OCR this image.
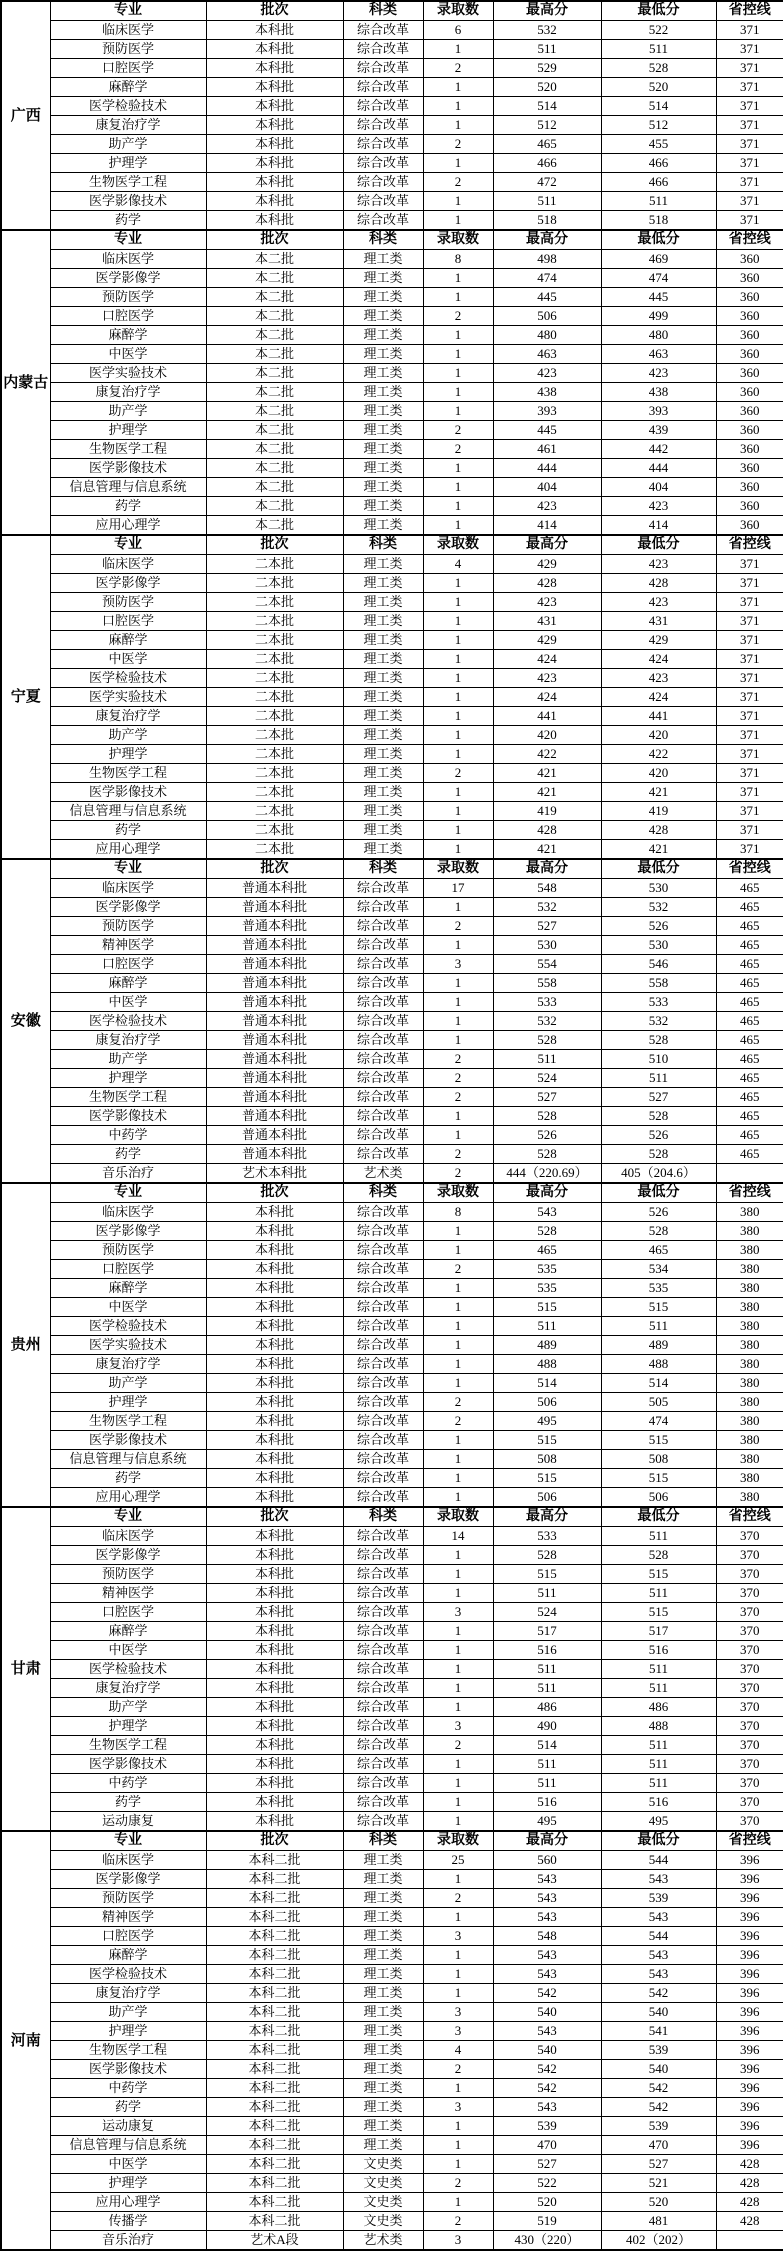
广西	专业	批次	科类	录取数	最高分	最低分	省控线
	临床医学	本科批	综合改革	6	532	522	371
	预防医学	本科批	综合改革	1	511	511	371
	口腔医学	本科批	综合改革	2	529	528	371
	麻醉学	本科批	综合改革	1	520	520	371
	医学检验技术	本科批	综合改革	1	514	514	371
	康复治疗学	本科批	综合改革	1	512	512	371
	助产学	本科批	综合改革	2	465	455	371
	护理学	本科批	综合改革	1	466	466	371
	生物医学工程	本科批	综合改革	2	472	466	371
	医学影像技术	本科批	综合改革	1	511	511	371
	药学	本科批	综合改革	1	518	518	371
内蒙古	专业	批次	科类	录取数	最高分	最低分	省控线
	临床医学	本二批	理工类	8	498	469	360
	医学影像学	本二批	理工类	1	474	474	360
	预防医学	本二批	理工类	1	445	445	360
	口腔医学	本二批	理工类	2	506	499	360
	麻醉学	本二批	理工类	1	480	480	360
	中医学	本二批	理工类	1	463	463	360
	医学实验技术	本二批	理工类	1	423	423	360
	康复治疗学	本二批	理工类	1	438	438	360
	助产学	本二批	理工类	1	393	393	360
	护理学	本二批	理工类	2	445	439	360
	生物医学工程	本二批	理工类	2	461	442	360
	医学影像技术	本二批	理工类	1	444	444	360
	信息管理与信息系统	本二批	理工类	1	404	404	360
	药学	本二批	理工类	1	423	423	360
	应用心理学	本二批	理工类	1	414	414	360
宁夏	专业	批次	科类	录取数	最高分	最低分	省控线
	临床医学	二本批	理工类	4	429	423	371
	医学影像学	二本批	理工类	1	428	428	371
	预防医学	二本批	理工类	1	423	423	371
	口腔医学	二本批	理工类	1	431	431	371
	麻醉学	二本批	理工类	1	429	429	371
	中医学	二本批	理工类	1	424	424	371
	医学检验技术	二本批	理工类	1	423	423	371
	医学实验技术	二本批	理工类	1	424	424	371
	康复治疗学	二本批	理工类	1	441	441	371
	助产学	二本批	理工类	1	420	420	371
	护理学	二本批	理工类	1	422	422	371
	生物医学工程	二本批	理工类	2	421	420	371
	医学影像技术	二本批	理工类	1	421	421	371
	信息管理与信息系统	二本批	理工类	1	419	419	371
	药学	二本批	理工类	1	428	428	371
	应用心理学	二本批	理工类	1	421	421	371
安徽	专业	批次	科类	录取数	最高分	最低分	省控线
	临床医学	普通本科批	综合改革	17	548	530	465
	医学影像学	普通本科批	综合改革	1	532	532	465
	预防医学	普通本科批	综合改革	2	527	526	465
	精神医学	普通本科批	综合改革	1	530	530	465
	口腔医学	普通本科批	综合改革	3	554	546	465
	麻醉学	普通本科批	综合改革	1	558	558	465
	中医学	普通本科批	综合改革	1	533	533	465
	医学检验技术	普通本科批	综合改革	1	532	532	465
	康复治疗学	普通本科批	综合改革	1	528	528	465
	助产学	普通本科批	综合改革	2	511	510	465
	护理学	普通本科批	综合改革	2	524	511	465
	生物医学工程	普通本科批	综合改革	2	527	527	465
	医学影像技术	普通本科批	综合改革	1	528	528	465
	中药学	普通本科批	综合改革	1	526	526	465
	药学	普通本科批	综合改革	2	528	528	465
	音乐治疗	艺术本科批	艺术类	2	444（220.69）	405（204.6）	
贵州	专业	批次	科类	录取数	最高分	最低分	省控线
	临床医学	本科批	综合改革	8	543	526	380
	医学影像学	本科批	综合改革	1	528	528	380
	预防医学	本科批	综合改革	1	465	465	380
	口腔医学	本科批	综合改革	2	535	534	380
	麻醉学	本科批	综合改革	1	535	535	380
	中医学	本科批	综合改革	1	515	515	380
	医学检验技术	本科批	综合改革	1	511	511	380
	医学实验技术	本科批	综合改革	1	489	489	380
	康复治疗学	本科批	综合改革	1	488	488	380
	助产学	本科批	综合改革	1	514	514	380
	护理学	本科批	综合改革	2	506	505	380
	生物医学工程	本科批	综合改革	2	495	474	380
	医学影像技术	本科批	综合改革	1	515	515	380
	信息管理与信息系统	本科批	综合改革	1	508	508	380
	药学	本科批	综合改革	1	515	515	380
	应用心理学	本科批	综合改革	1	506	506	380
甘肃	专业	批次	科类	录取数	最高分	最低分	省控线
	临床医学	本科批	综合改革	14	533	511	370
	医学影像学	本科批	综合改革	1	528	528	370
	预防医学	本科批	综合改革	1	515	515	370
	精神医学	本科批	综合改革	1	511	511	370
	口腔医学	本科批	综合改革	3	524	515	370
	麻醉学	本科批	综合改革	1	517	517	370
	中医学	本科批	综合改革	1	516	516	370
	医学检验技术	本科批	综合改革	1	511	511	370
	康复治疗学	本科批	综合改革	1	511	511	370
	助产学	本科批	综合改革	1	486	486	370
	护理学	本科批	综合改革	3	490	488	370
	生物医学工程	本科批	综合改革	2	514	511	370
	医学影像技术	本科批	综合改革	1	511	511	370
	中药学	本科批	综合改革	1	511	511	370
	药学	本科批	综合改革	1	516	516	370
	运动康复	本科批	综合改革	1	495	495	370
河南	专业	批次	科类	录取数	最高分	最低分	省控线
	临床医学	本科二批	理工类	25	560	544	396
	医学影像学	本科二批	理工类	1	543	543	396
	预防医学	本科二批	理工类	2	543	539	396
	精神医学	本科二批	理工类	1	543	543	396
	口腔医学	本科二批	理工类	3	548	544	396
	麻醉学	本科二批	理工类	1	543	543	396
	医学检验技术	本科二批	理工类	1	543	543	396
	康复治疗学	本科二批	理工类	1	542	542	396
	助产学	本科二批	理工类	3	540	540	396
	护理学	本科二批	理工类	3	543	541	396
	生物医学工程	本科二批	理工类	4	540	539	396
	医学影像技术	本科二批	理工类	2	542	540	396
	中药学	本科二批	理工类	1	542	542	396
	药学	本科二批	理工类	3	543	542	396
	运动康复	本科二批	理工类	1	539	539	396
	信息管理与信息系统	本科二批	理工类	1	470	470	396
	中医学	本科二批	文史类	1	527	527	428
	护理学	本科二批	文史类	2	522	521	428
	应用心理学	本科二批	文史类	1	520	520	428
	传播学	本科二批	文史类	2	519	481	428
	音乐治疗	艺术A段	艺术类	3	430（220）	402（202）	
